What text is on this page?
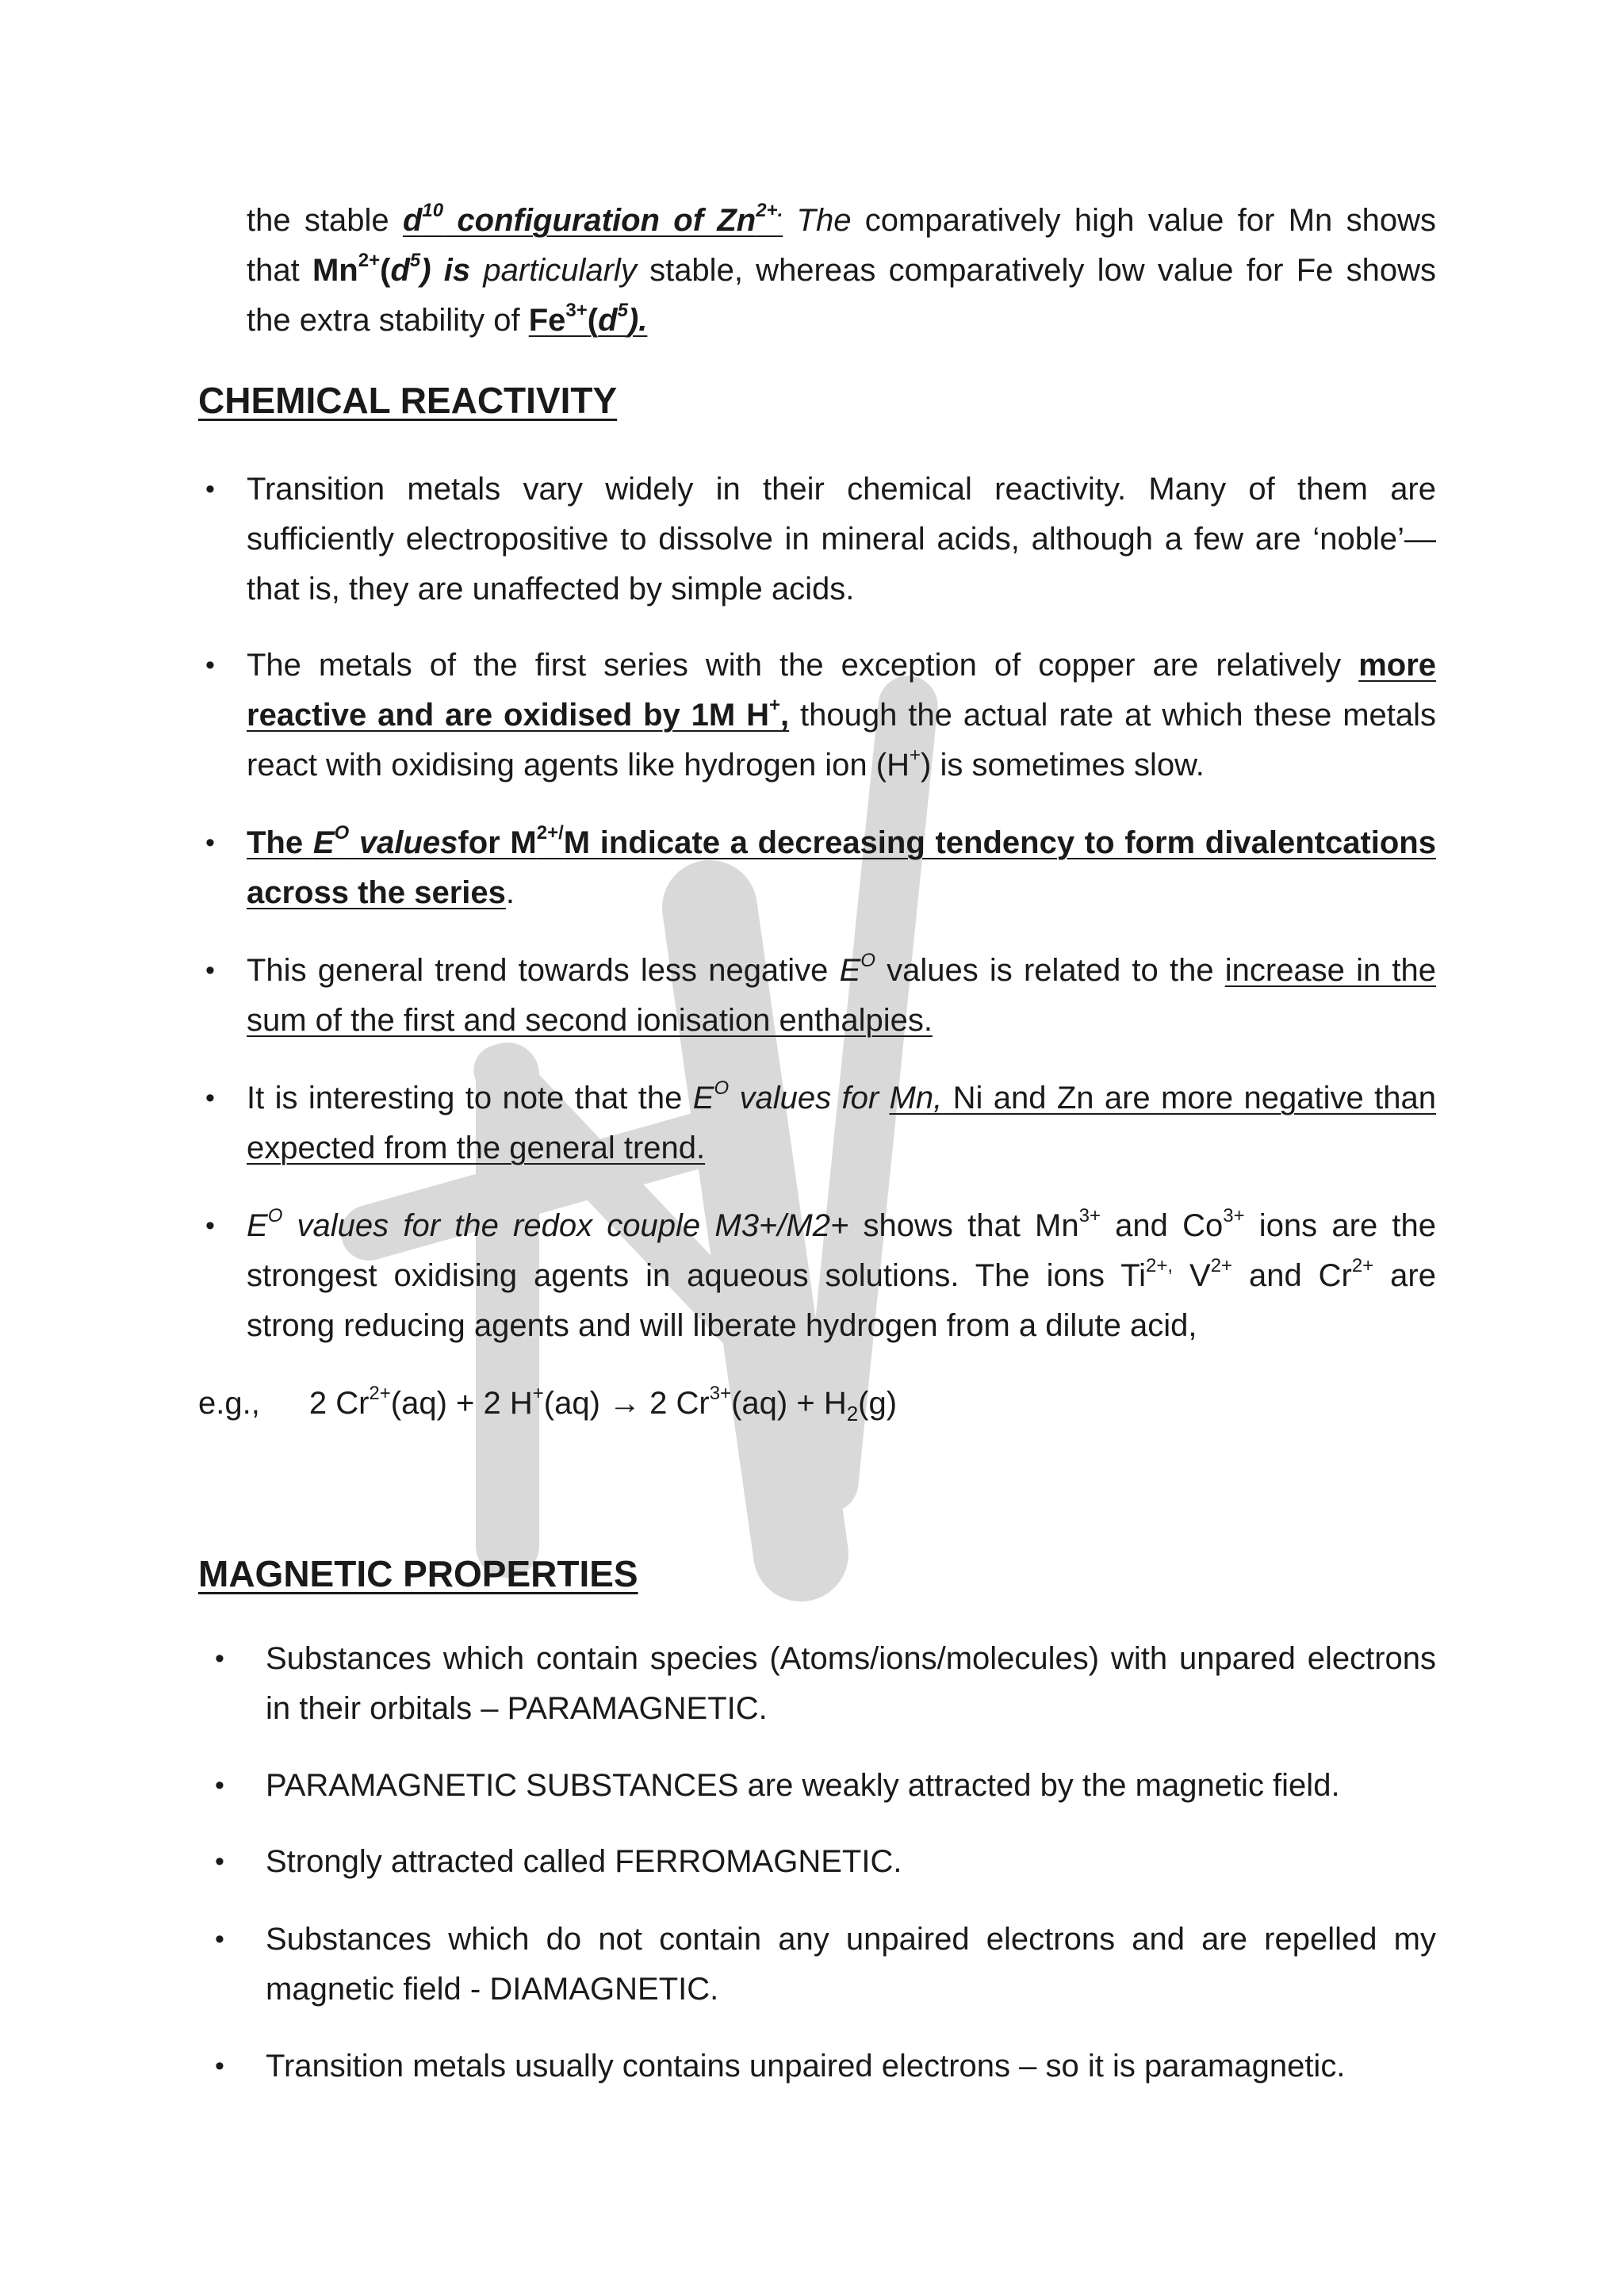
the stable $d^{10}$ configuration of $Zn^{2+.}$ The comparatively high value for Mn shows that $Mn^{2+}(d^5)$ is particularly stable, whereas comparatively low value for Fe shows the extra stability of $Fe^{3+}(d^5)$.

CHEMICAL REACTIVITY
• Transition metals vary widely in their chemical reactivity. Many of them are sufficiently electropositive to dissolve in mineral acids, although a few are ‘noble’—that is, they are unaffected by simple acids.
• The metals of the first series with the exception of copper are relatively more reactive and are oxidised by 1M H+, though the actual rate at which these metals react with oxidising agents like hydrogen ion (H+) is sometimes slow.
• The $E^O$ valuesfor $M^{2+/}M$ indicate a decreasing tendency to form divalentcations across the series.
• This general trend towards less negative $E^O$ values is related to the increase in the sum of the first and second ionisation enthalpies.
• It is interesting to note that the $E^O$ values for Mn, Ni and Zn are more negative than expected from the general trend.
• $E^O$ values for the redox couple M3+/M2+ shows that $Mn^{3+}$ and $Co^{3+}$ ions are the strongest oxidising agents in aqueous solutions. The ions $Ti^{2+,}$ $V^{2+}$ and $Cr^{2+}$ are strong reducing agents and will liberate hydrogen from a dilute acid,

e.g., 2 $Cr^{2+}(aq) + 2$ H+(aq) → 2 $Cr^{3+}(aq) + H_2(g)$

MAGNETIC PROPERTIES
• Substances which contain species (Atoms/ions/molecules) with unpared electrons in their orbitals – PARAMAGNETIC.
• PARAMAGNETIC SUBSTANCES are weakly attracted by the magnetic field.
• Strongly attracted called FERROMAGNETIC.
• Substances which do not contain any unpaired electrons and are repelled my magnetic field - DIAMAGNETIC.
• Transition metals usually contains unpaired electrons – so it is paramagnetic.
